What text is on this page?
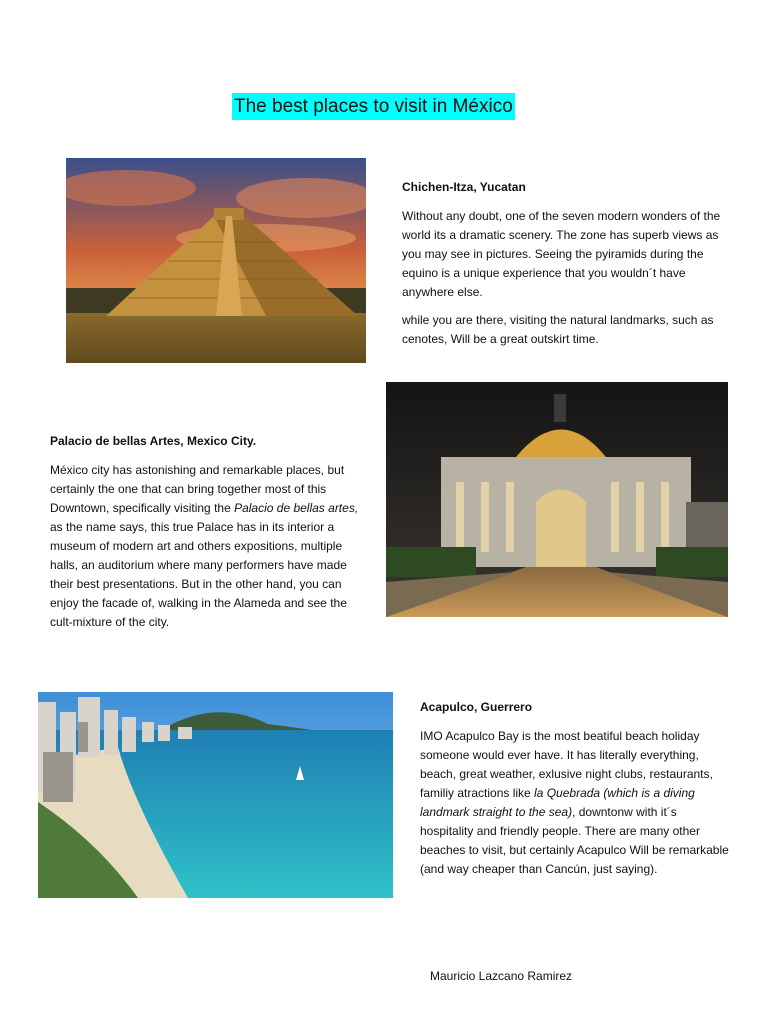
The best places to visit in México
Chichen-Itza, Yucatan
Without any doubt, one of the seven modern wonders of the world its a dramatic scenery. The zone has superb views as you may see in pictures. Seeing the pyiramids during the equino is a unique experience that you wouldn´t have anywhere else.
while you are there, visiting the natural landmarks, such as cenotes, Will be a great outskirt time.
Palacio de bellas Artes, Mexico City.
México city has astonishing and remarkable places, but certainly the one that can bring together most of this Downtown, specifically visiting the Palacio de bellas artes, as the name says, this true Palace has in its interior a museum of modern art and others expositions, multiple halls, an auditorium where many performers have made their best presentations. But in the other hand, you can enjoy the facade of, walking in the Alameda and see the cult-mixture of the city.
Acapulco, Guerrero
IMO Acapulco Bay is the most beatiful beach holiday someone would ever have. It has literally everything, beach, great weather, exlusive night clubs, restaurants, familiy atractions like la Quebrada (which is a diving landmark straight to the sea), downtonw with it´s hospitality and friendly people. There are many other beaches to visit, but certainly Acapulco Will be remarkable (and way cheaper than Cancún, just saying).
Mauricio Lazcano Ramirez
